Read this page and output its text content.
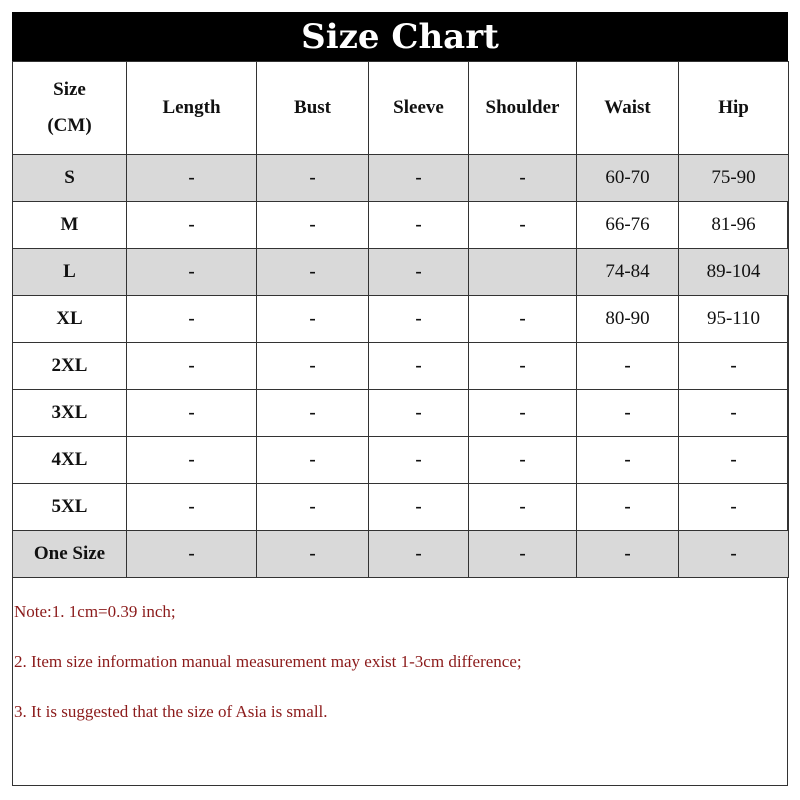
Size Chart
Size
(CM)	Length	Bust	Sleeve	Shoulder	Waist	Hip
S	-	-	-	-	60-70	75-90
M	-	-	-	-	66-76	81-96
L	-	-	-		74-84	89-104
XL	-	-	-	-	80-90	95-110
2XL	-	-	-	-	-	-
3XL	-	-	-	-	-	-
4XL	-	-	-	-	-	-
5XL	-	-	-	-	-	-
One Size	-	-	-	-	-	-
Note:1. 1cm=0.39 inch;
2. Item size information manual measurement may exist 1-3cm difference;
3. It is suggested that the size of Asia is small.
